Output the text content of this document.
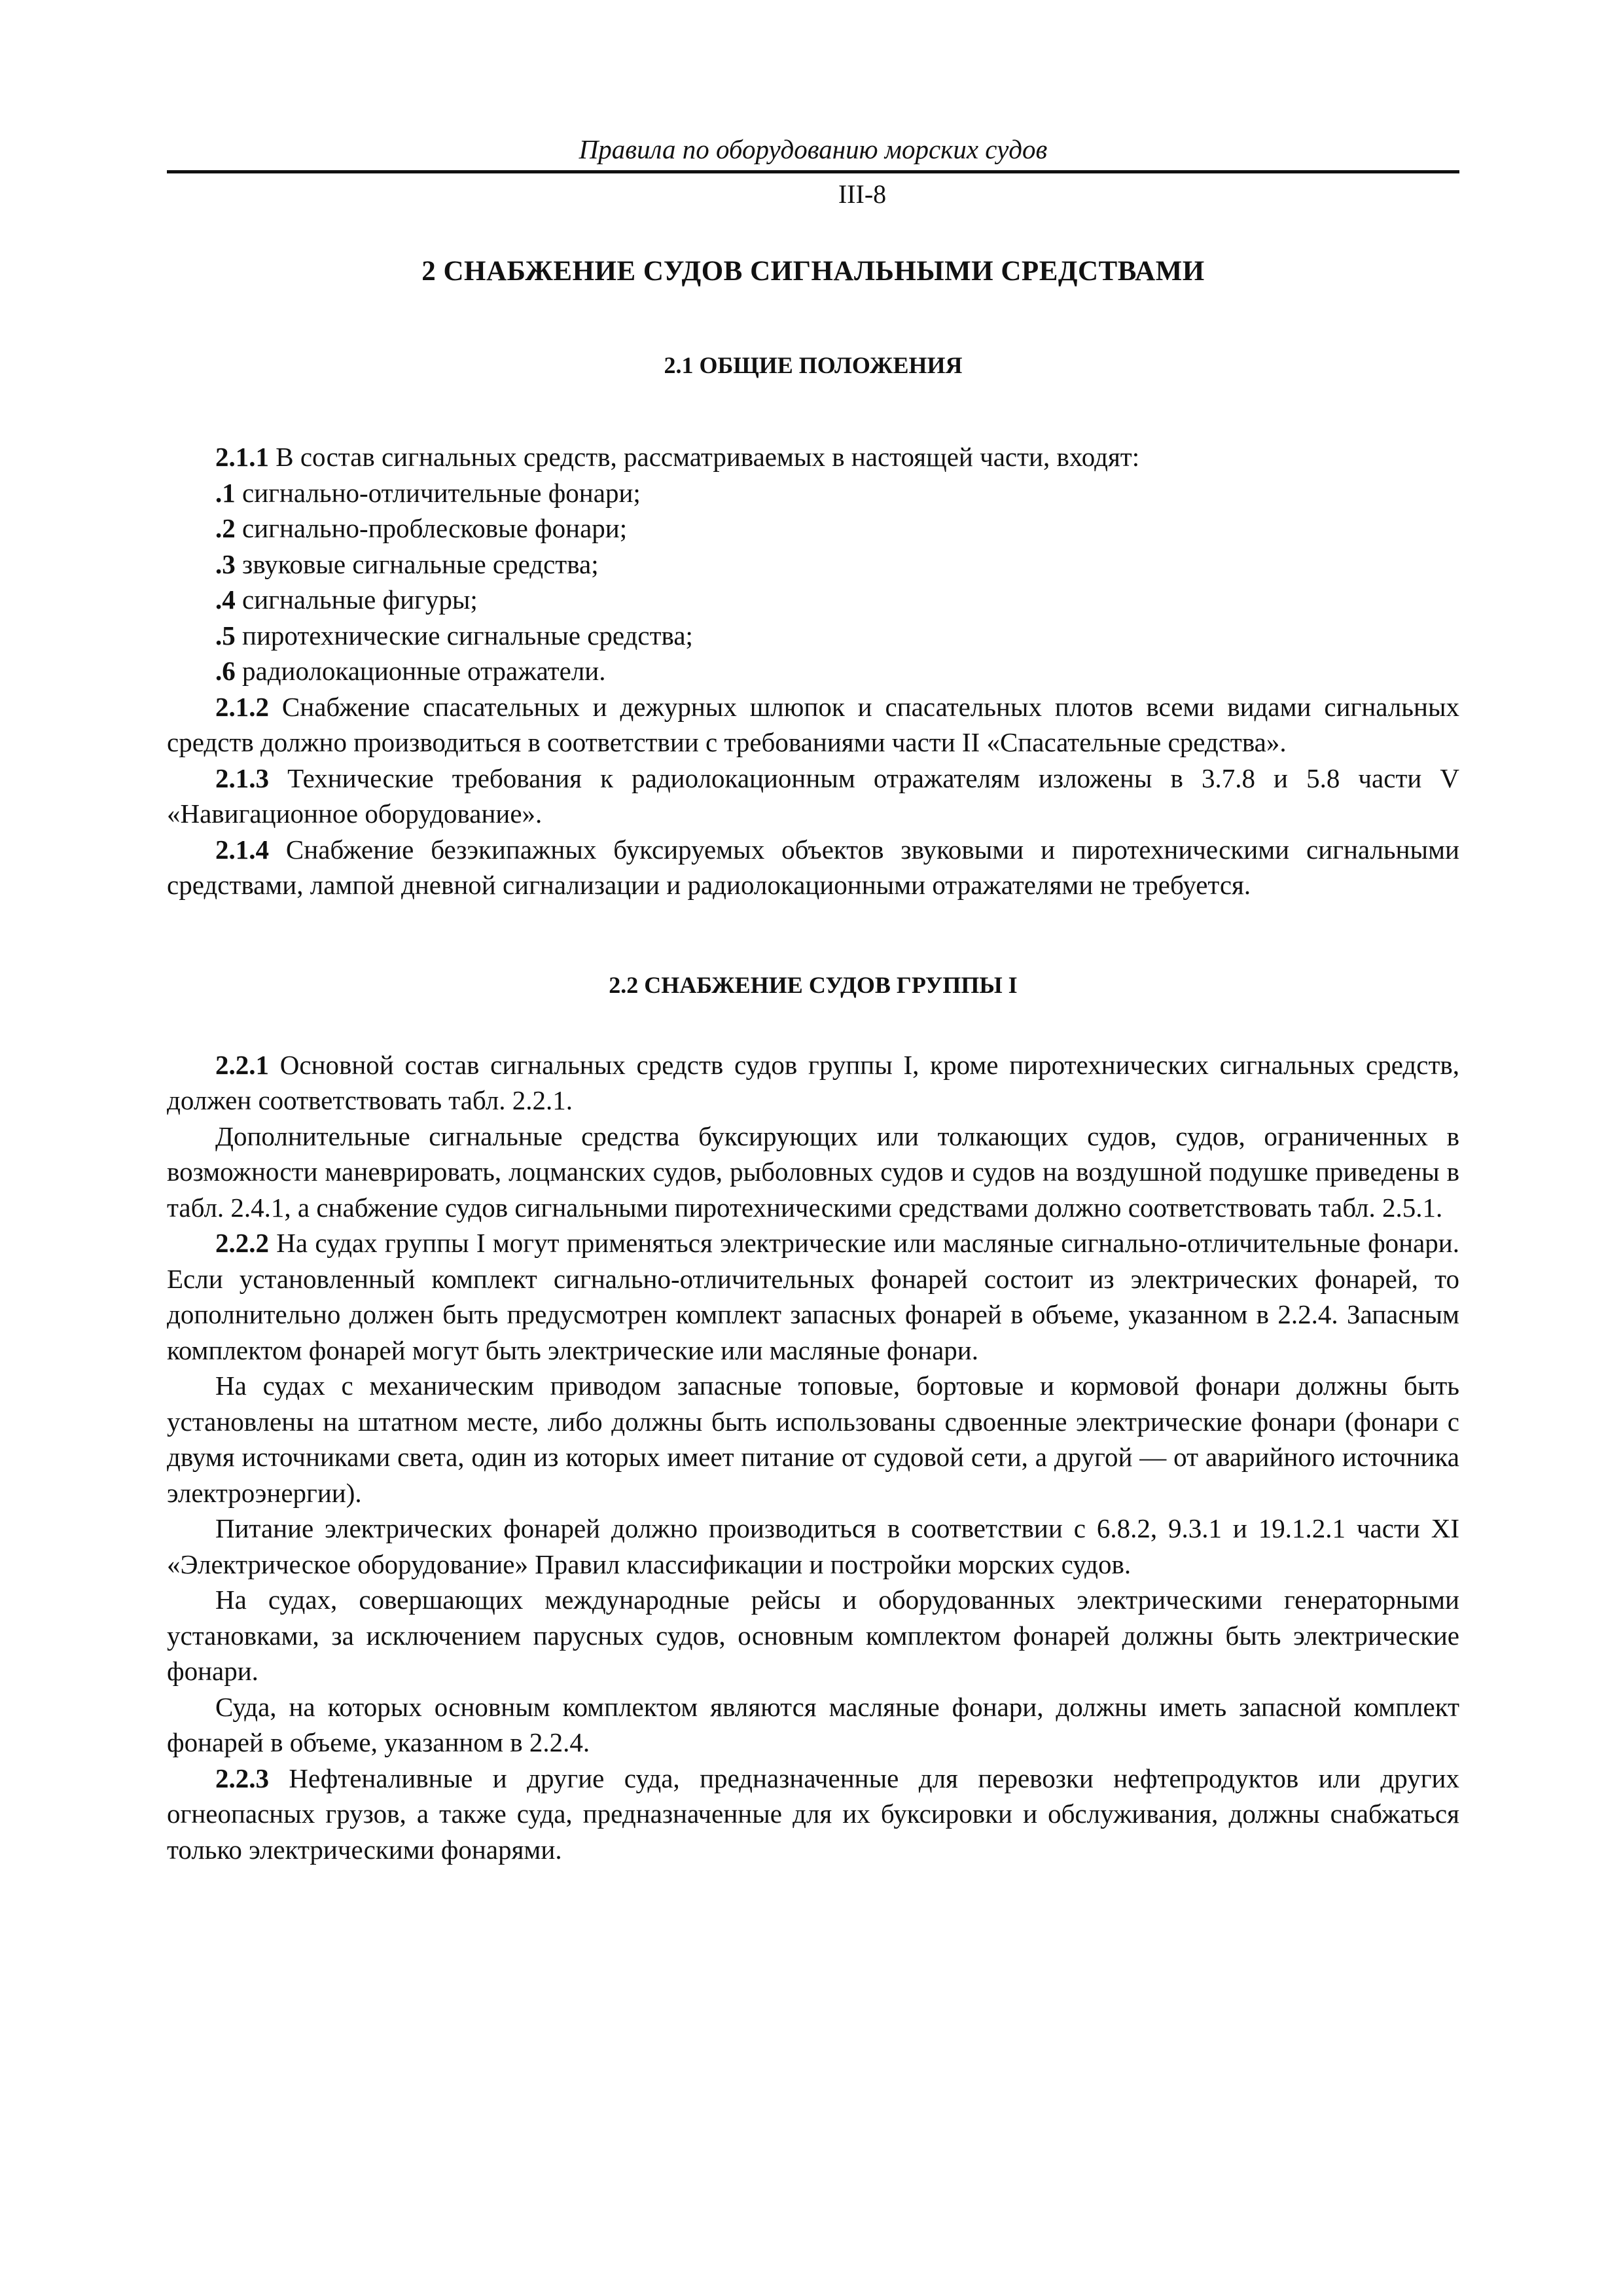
Правила по оборудованию морских судов
III-8
2 СНАБЖЕНИЕ СУДОВ СИГНАЛЬНЫМИ СРЕДСТВАМИ
2.1 ОБЩИЕ ПОЛОЖЕНИЯ

2.1.1 В состав сигнальных средств, рассматриваемых в настоящей части, входят:

.1 сигнально-отличительные фонари;

.2 сигнально-проблесковые фонари;

.3 звуковые сигнальные средства;

.4 сигнальные фигуры;

.5 пиротехнические сигнальные средства;

.6 радиолокационные отражатели.

2.1.2 Снабжение спасательных и дежурных шлюпок и спасательных плотов всеми видами сигнальных средств должно производиться в соответствии с требованиями части II «Спасательные средства».

2.1.3 Технические требования к радиолокационным отражателям изложены в 3.7.8 и 5.8 части V «Навигационное оборудование».

2.1.4 Снабжение безэкипажных буксируемых объектов звуковыми и пиротехническими сигнальными средствами, лампой дневной сигнализации и радиолокационными отражателями не требуется.

2.2 СНАБЖЕНИЕ СУДОВ ГРУППЫ I

2.2.1 Основной состав сигнальных средств судов группы I, кроме пиротехнических сигнальных средств, должен соответствовать табл. 2.2.1.

Дополнительные сигнальные средства буксирующих или толкающих судов, судов, ограниченных в возможности маневрировать, лоцманских судов, рыболовных судов и судов на воздушной подушке приведены в табл. 2.4.1, а снабжение судов сигнальными пиротехническими средствами должно соответствовать табл. 2.5.1.

2.2.2 На судах группы I могут применяться электрические или масляные сигнально-отличительные фонари. Если установленный комплект сигнально-отличительных фонарей состоит из электрических фонарей, то дополнительно должен быть предусмотрен комплект запасных фонарей в объеме, указанном в 2.2.4. Запасным комплектом фонарей могут быть электрические или масляные фонари.

На судах с механическим приводом запасные топовые, бортовые и кормовой фонари должны быть установлены на штатном месте, либо должны быть использованы сдвоенные электрические фонари (фонари с двумя источниками света, один из которых имеет питание от судовой сети, а другой — от аварийного источника электроэнергии).

Питание электрических фонарей должно производиться в соответствии с 6.8.2, 9.3.1 и 19.1.2.1 части XI «Электрическое оборудование» Правил классификации и постройки морских судов.

На судах, совершающих международные рейсы и оборудованных электрическими генераторными установками, за исключением парусных судов, основным комплектом фонарей должны быть электрические фонари.

Суда, на которых основным комплектом являются масляные фонари, должны иметь запасной комплект фонарей в объеме, указанном в 2.2.4.

2.2.3 Нефтеналивные и другие суда, предназначенные для перевозки нефтепродуктов или других огнеопасных грузов, а также суда, предназначенные для их буксировки и обслуживания, должны снабжаться только электрическими фонарями.
